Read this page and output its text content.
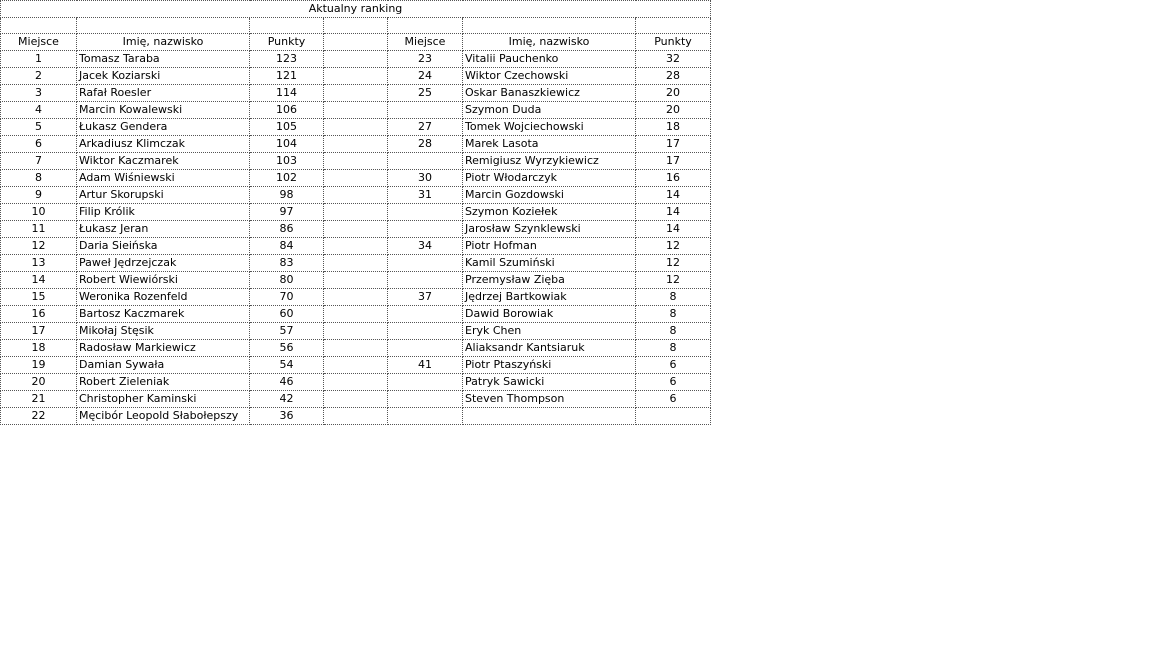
Aktualny ranking						

Miejsce	Imię, nazwisko	Punkty		Miejsce	Imię, nazwisko	Punkty
1	Tomasz Taraba	123		23	Vitalii Pauchenko	32
2	Jacek Koziarski	121		24	Wiktor Czechowski	28
3	Rafał Roesler	114		25	Oskar Banaszkiewicz	20
4	Marcin Kowalewski	106			Szymon Duda	20
5	Łukasz Gendera	105		27	Tomek Wojciechowski	18
6	Arkadiusz Klimczak	104		28	Marek Lasota	17
7	Wiktor Kaczmarek	103			Remigiusz Wyrzykiewicz	17
8	Adam Wiśniewski	102		30	Piotr Włodarczyk	16
9	Artur Skorupski	98		31	Marcin Gozdowski	14
10	Filip Królik	97			Szymon Koziełek	14
11	Łukasz Jeran	86			Jarosław Szynklewski	14
12	Daria Sieińska	84		34	Piotr Hofman	12
13	Paweł Jędrzejczak	83			Kamil Szumiński	12
14	Robert Wiewiórski	80			Przemysław Zięba	12
15	Weronika Rozenfeld	70		37	Jędrzej Bartkowiak	8
16	Bartosz Kaczmarek	60			Dawid Borowiak	8
17	Mikołaj Stęsik	57			Eryk Chen	8
18	Radosław Markiewicz	56			Aliaksandr Kantsiaruk	8
19	Damian Sywała	54		41	Piotr Ptaszyński	6
20	Robert Zieleniak	46			Patryk Sawicki	6
21	Christopher Kaminski	42			Steven Thompson	6
22	Męcibór Leopold Słabołepszy	36				
